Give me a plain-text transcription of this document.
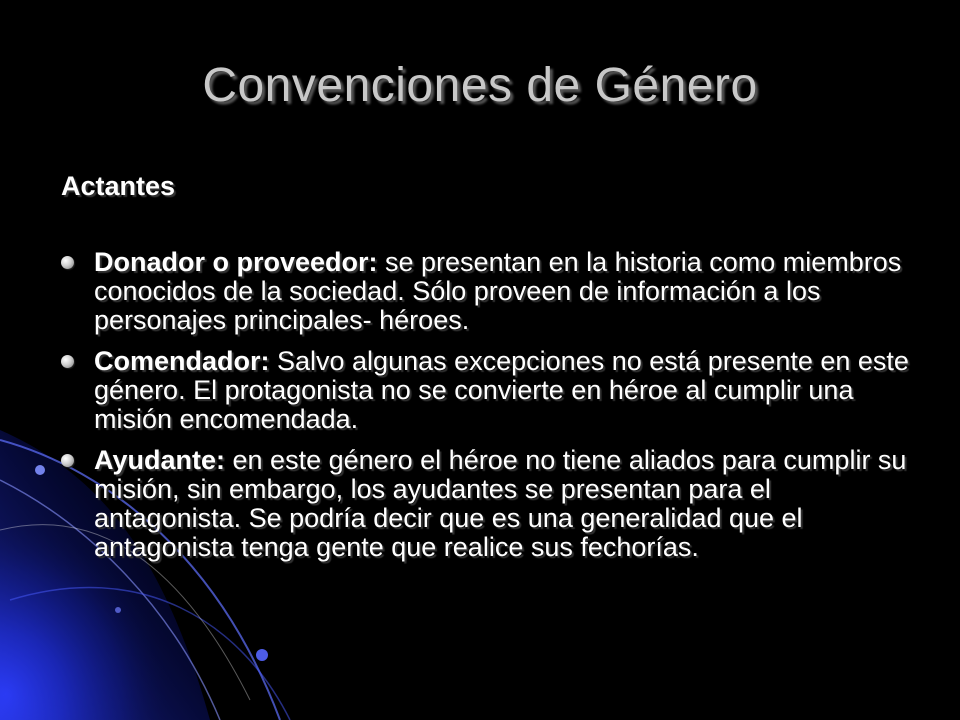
Convenciones de Género
Actantes
Donador o proveedor: se presentan en la historia como miembros conocidos de la sociedad. Sólo proveen de información a los personajes principales- héroes.
Comendador: Salvo algunas excepciones no está presente en este género. El protagonista no se convierte en héroe al cumplir una misión encomendada.
Ayudante: en este género el héroe no tiene aliados para cumplir su misión, sin embargo, los ayudantes se presentan para el antagonista. Se podría decir que es una generalidad que el antagonista tenga gente que realice sus fechorías.
